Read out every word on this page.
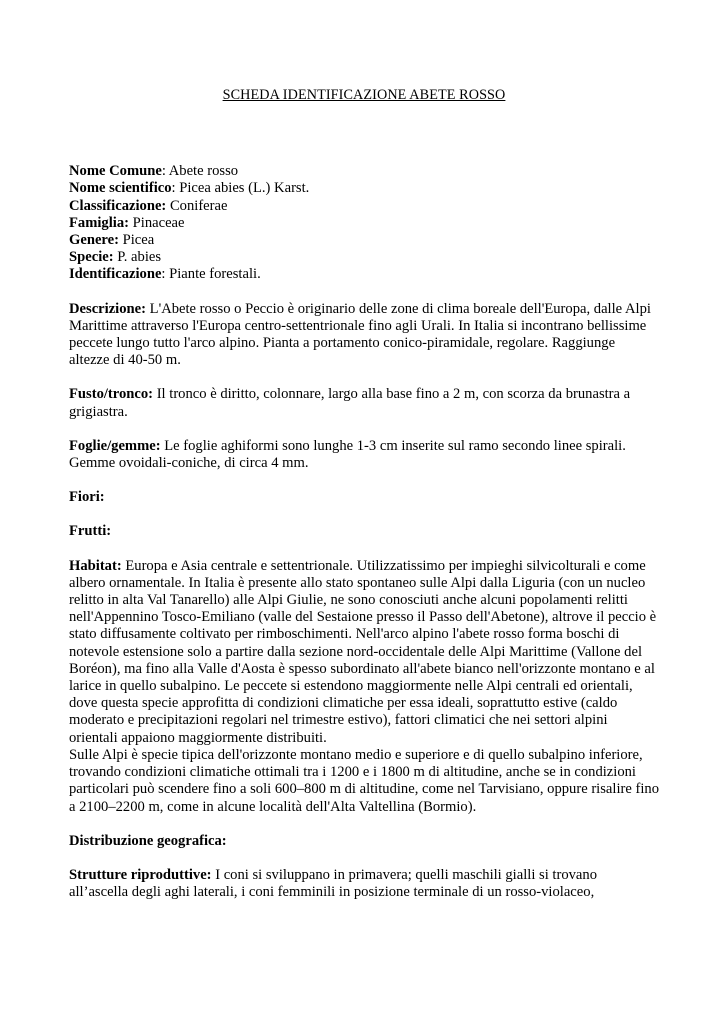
SCHEDA IDENTIFICAZIONE ABETE ROSSO

Nome Comune: Abete rosso

Nome scientifico: Picea abies (L.) Karst.

Classificazione: Coniferae

Famiglia: Pinaceae

Genere: Picea

Specie: P. abies

Identificazione: Piante forestali.

Descrizione: L'Abete rosso o Peccio è originario delle zone di clima boreale dell'Europa, dalle Alpi Marittime attraverso l'Europa centro-settentrionale fino agli Urali. In Italia si incontrano bellissime peccete lungo tutto l'arco alpino. Pianta a portamento conico-piramidale, regolare. Raggiunge altezze di 40-50 m.

Fusto/tronco: Il tronco è diritto, colonnare, largo alla base fino a 2 m, con scorza da brunastra a grigiastra.

Foglie/gemme: Le foglie aghiformi sono lunghe 1-3 cm inserite sul ramo secondo linee spirali. Gemme ovoidali-coniche, di circa 4 mm.

Fiori:

Frutti:

Habitat: Europa e Asia centrale e settentrionale. Utilizzatissimo per impieghi silvicolturali e come albero ornamentale. In Italia è presente allo stato spontaneo sulle Alpi dalla Liguria (con un nucleo relitto in alta Val Tanarello) alle Alpi Giulie, ne sono conosciuti anche alcuni popolamenti relitti nell'Appennino Tosco-Emiliano (valle del Sestaione presso il Passo dell'Abetone), altrove il peccio è stato diffusamente coltivato per rimboschimenti. Nell'arco alpino l'abete rosso forma boschi di notevole estensione solo a partire dalla sezione nord-occidentale delle Alpi Marittime (Vallone del Boréon), ma fino alla Valle d'Aosta è spesso subordinato all'abete bianco nell'orizzonte montano e al larice in quello subalpino. Le peccete si estendono maggiormente nelle Alpi centrali ed orientali, dove questa specie approfitta di condizioni climatiche per essa ideali, soprattutto estive (caldo moderato e precipitazioni regolari nel trimestre estivo), fattori climatici che nei settori alpini orientali appaiono maggiormente distribuiti.

Sulle Alpi è specie tipica dell'orizzonte montano medio e superiore e di quello subalpino inferiore, trovando condizioni climatiche ottimali tra i 1200 e i 1800 m di altitudine, anche se in condizioni particolari può scendere fino a soli 600–800 m di altitudine, come nel Tarvisiano, oppure risalire fino a 2100–2200 m, come in alcune località dell'Alta Valtellina (Bormio).

Distribuzione geografica:

Strutture riproduttive: I coni si sviluppano in primavera; quelli maschili gialli si trovano all’ascella degli aghi laterali, i coni femminili in posizione terminale di un rosso-violaceo,
